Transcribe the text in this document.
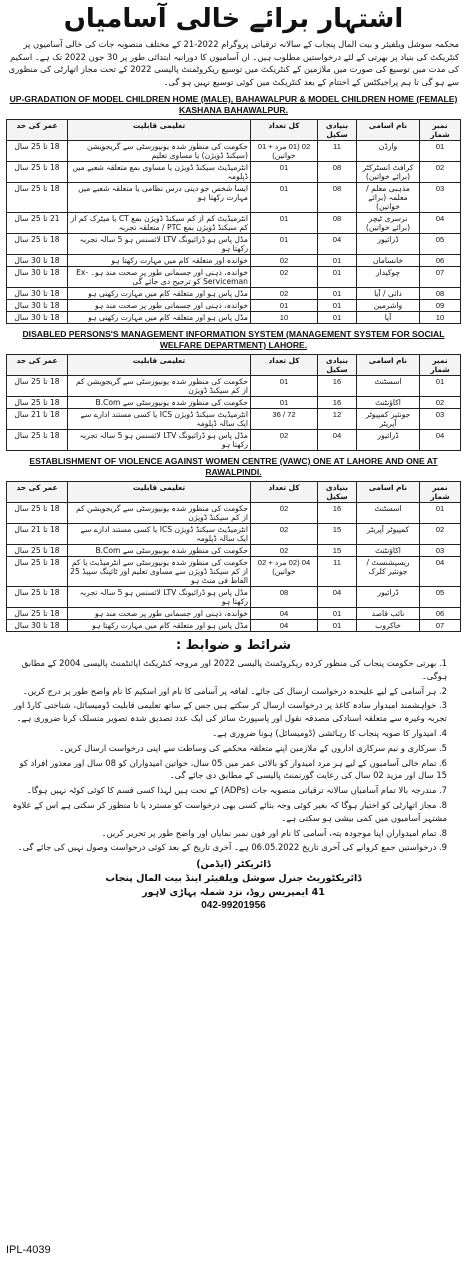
اشتہار برائے خالی آسامیاں
محکمہ سوشل ویلفیئر و بیت المال پنجاب کے سالانہ ترقیاتی پروگرام 2022-21 کے مختلف منصوبہ جات کی خالی آسامیوں پر کنٹریکٹ کی بنیاد پر بھرتی کے لئے درخواستیں مطلوب ہیں۔ ان آسامیوں کا دورانیہ ابتدائی طور پر 30 جون 2022 تک ہے۔ اسکیم کی مدت میں توسیع کی صورت میں ملازمین کے کنٹریکٹ میں توسیع ریکروٹمنٹ پالیسی 2022 کے تحت مجاز اتھارٹی کی منظوری سے ہو گی تا ہم پراجیکٹس کے اختتام کے بعد کنٹریکٹ میں کوئی توسیع نہیں ہو گی۔
UP-GRADATION OF MODEL CHILDREN HOME (MALE), BAHAWALPUR & MODEL CHILDREN HOME (FEMALE) KASHANA BAHAWALPUR.
نمبر شمار	نام اسامی	بنیادی سکیل	کل تعداد	تعلیمی قابلیت	عمر کی حد
01	وارڈن	11	02 (01 مرد + 01 خواتین)	حکومت کی منظور شدہ یونیورسٹی سے گریجویشن (سیکنڈ ڈویژن) یا مساوی تعلیم	18 تا 25 سال
02	کرافٹ انسٹرکٹر (برائے خواتین)	08	01	انٹرمیڈیٹ سیکنڈ ڈویژن یا مساوی بمع متعلقہ شعبے میں ڈپلومہ	18 تا 25 سال
03	مذہبی معلم / معلمہ (برائے خواتین)	08	01	ایسا شخص جو دینی درس نظامی یا متعلقہ شعبے میں مہارت رکھتا ہو	18 تا 25 سال
04	نرسری ٹیچر (برائے خواتین)	08	01	انٹرمیڈیٹ کم از کم سیکنڈ ڈویژن بمع CT یا میٹرک کم از کم سیکنڈ ڈویژن بمع PTC / متعلقہ تجربہ	21 تا 25 سال
05	ڈرائیور	04	01	مڈل پاس ہو ڈرائیونگ LTV لائسنس ہو 5 سالہ تجربہ رکھتا ہو	18 تا 25 سال
06	خانساماں	01	02	خواندہ اور متعلقہ کام میں مہارت رکھتا ہو	18 تا 30 سال
07	چوکیدار	01	02	خواندہ، ذہنی اور جسمانی طور پر صحت مند ہو۔ Ex-Serviceman کو ترجیح دی جائے گی	18 تا 30 سال
08	دائی / آیا	01	02	مڈل پاس ہو اور متعلقہ کام میں مہارت رکھتی ہو	18 تا 30 سال
09	واشرمین	01	01	خواندہ، ذہنی اور جسمانی طور پر صحت مند ہو	18 تا 30 سال
10	آیا	01	10	مڈل پاس ہو اور متعلقہ کام میں مہارت رکھتی ہو	18 تا 30 سال
DISABLED PERSONS'S MANAGEMENT INFORMATION SYSTEM (MANAGEMENT SYSTEM FOR SOCIAL WELFARE DEPARTMENT) LAHORE.
نمبر شمار	نام اسامی	بنیادی سکیل	کل تعداد	تعلیمی قابلیت	عمر کی حد
01	اسسٹنٹ	16	01	حکومت کی منظور شدہ یونیورسٹی سے گریجویشن کم از کم سیکنڈ ڈویژن	18 تا 25 سال
02	اکاؤنٹنٹ	16	01	حکومت کی منظور شدہ یونیورسٹی سے B.Com	18 تا 25 سال
03	جونئیر کمپیوٹر آپریٹر	12	72 / 36	انٹرمیڈیٹ سیکنڈ ڈویژن ICS یا کسی مستند ادارے سے ایک سالہ ڈپلومہ	18 تا 21 سال
04	ڈرائیور	04	02	مڈل پاس ہو ڈرائیونگ LTV لائسنس ہو 5 سالہ تجربہ رکھتا ہو	18 تا 25 سال
ESTABLISHMENT OF VIOLENCE AGAINST WOMEN CENTRE (VAWC) ONE AT LAHORE AND ONE AT RAWALPINDI.
نمبر شمار	نام اسامی	بنیادی سکیل	کل تعداد	تعلیمی قابلیت	عمر کی حد
01	اسسٹنٹ	16	02	حکومت کی منظور شدہ یونیورسٹی سے گریجویشن کم از کم سیکنڈ ڈویژن	18 تا 25 سال
02	کمپیوٹر آپریٹر	15	02	انٹرمیڈیٹ سیکنڈ ڈویژن ICS یا کسی مستند ادارے سے ایک سالہ ڈپلومہ	18 تا 21 سال
03	اکاؤنٹنٹ	15	02	حکومت کی منظور شدہ یونیورسٹی سے B.Com	18 تا 25 سال
04	ریسپشنسٹ / جونئیر کلرک	11	04 (02 مرد + 02 خواتین)	حکومت کی منظور شدہ یونیورسٹی سے انٹرمیڈیٹ یا کم از کم سیکنڈ ڈویژن سے مساوی تعلیم اور ٹائپنگ سپیڈ 25 الفاظ فی منٹ ہو	18 تا 25 سال
05	ڈرائیور	04	08	مڈل پاس ہو ڈرائیونگ LTV لائسنس ہو 5 سالہ تجربہ رکھتا ہو	18 تا 25 سال
06	نائب قاصد	01	04	خواندہ، ذہنی اور جسمانی طور پر صحت مند ہو	18 تا 25 سال
07	خاکروب	01	04	مڈل پاس ہو اور متعلقہ کام میں مہارت رکھتا ہو	18 تا 30 سال
شرائط و ضوابط :
1. بھرتی حکومت پنجاب کی منظور کردہ ریکروٹمنٹ پالیسی 2022 اور مروجہ کنٹریکٹ اپائنٹمنٹ پالیسی 2004 کے مطابق ہوگی۔
2. ہر آسامی کے لیے علیحدہ درخواست ارسال کی جائے۔ لفافہ پر آسامی کا نام اور اسکیم کا نام واضح طور پر درج کریں۔
3. خواہشمند امیدوار سادہ کاغذ پر درخواست ارسال کر سکتے ہیں جس کے ساتھ تعلیمی قابلیت ڈومیسائل، شناختی کارڈ اور تجربہ وغیرہ سے متعلقہ اسنادکی مصدقہ نقول اور پاسپورٹ سائز کی ایک عدد تصدیق شدہ تصویر منسلک کرنا ضروری ہے۔
4. امیدوار کا صوبہ پنجاب کا رہائشی (ڈومیسائل) ہونا ضروری ہے۔
5. سرکاری و نیم سرکاری اداروں کے ملازمین اپنے متعلقہ محکمے کی وساطت سے اپنی درخواست ارسال کریں۔
6. تمام خالی آسامیوں کے لیے ہر مرد امیدوار کو بالائی عمر میں 05 سال، خواتین امیدواران کو 08 سال اور معذور افراد کو 15 سال اور مزید 02 سال کی رعایت گورنمنٹ پالیسی کے مطابق دی جائے گی۔
7. مندرجہ بالا تمام آسامیاں سالانہ ترقیاتی منصوبہ جات (ADPs) کے تحت ہیں لہذا کسی قسم کا کوئی کوٹہ نہیں ہوگا۔
8. مجاز اتھارٹی کو اختیار ہوگا کہ بغیر کوئی وجہ بتائے کسی بھی درخواست کو مسترد یا نا منظور کر سکتی ہے اس کے علاوہ مشتہر آسامیوں میں کمی بیشی ہو سکتی ہے۔
8. تمام امیدواران اپنا موجودہ پتہ، آسامی کا نام اور فون نمبر نمایاں اور واضح طور پر تحریر کریں۔
9. درخواستیں جمع کروانے کی آخری تاریخ 06.05.2022 ہے۔ آخری تاریخ کے بعد کوئی درخواست وصول نہیں کی جائے گی۔
ڈائریکٹر (ایڈمن)
ڈائریکٹوریٹ جنرل سوشل ویلفیئر اینڈ بیت المال پنجاب
41 ایمپریس روڈ، نزد شملہ پہاڑی لاہور
042-99201956
IPL-4039
